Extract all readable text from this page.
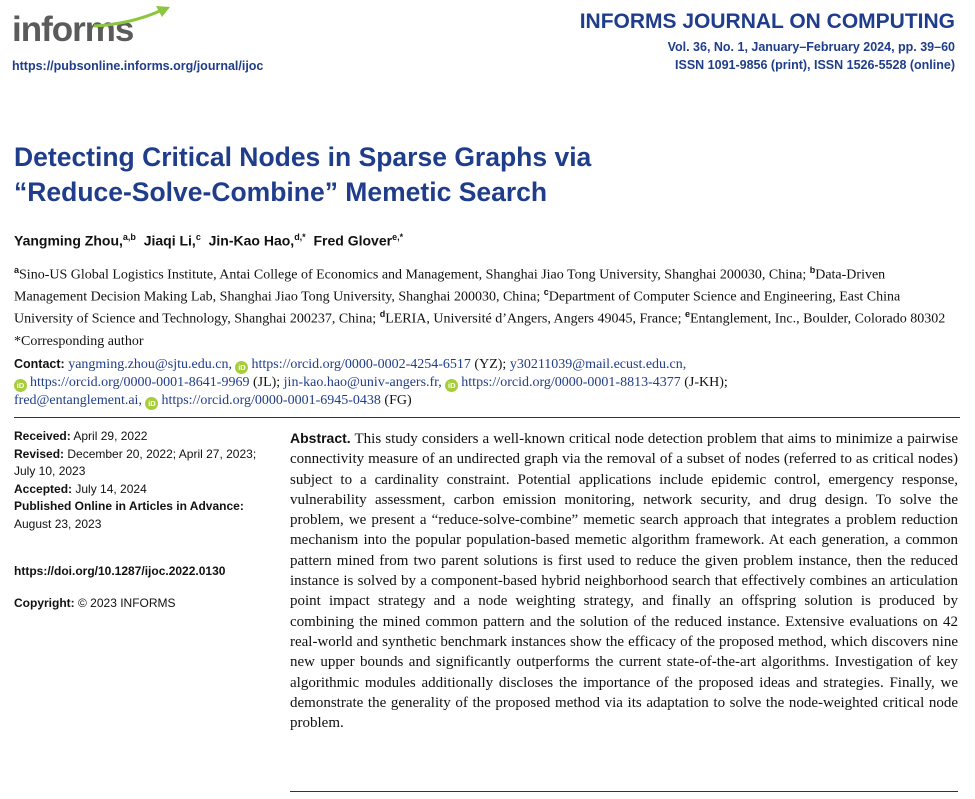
informs
https://pubsonline.informs.org/journal/ijoc
INFORMS JOURNAL ON COMPUTING
Vol. 36, No. 1, January–February 2024, pp. 39–60
ISSN 1091-9856 (print), ISSN 1526-5528 (online)
Detecting Critical Nodes in Sparse Graphs via
“Reduce-Solve-Combine” Memetic Search
Yangming Zhou,$^{a,b}$ Jiaqi Li,$^c$ Jin-Kao Hao,$^{d,*}$ Fred Glover$^{e,*}$
$^a$Sino-US Global Logistics Institute, Antai College of Economics and Management, Shanghai Jiao Tong University, Shanghai 200030, China; $^b$Data-Driven Management Decision Making Lab, Shanghai Jiao Tong University, Shanghai 200030, China; $^c$Department of Computer Science and Engineering, East China University of Science and Technology, Shanghai 200237, China; $^d$LERIA, Université d’Angers, Angers 49045, France; $^e$Entanglement, Inc., Boulder, Colorado 80302
*Corresponding author
Contact: yangming.zhou@sjtu.edu.cn, iD https://orcid.org/0000-0002-4254-6517 (YZ); y30211039@mail.ecust.edu.cn,
iD https://orcid.org/0000-0001-8641-9969 (JL); jin-kao.hao@univ-angers.fr, iD https://orcid.org/0000-0001-8813-4377 (J-KH);
fred@entanglement.ai, iD https://orcid.org/0000-0001-6945-0438 (FG)
Received: April 29, 2022
Revised: December 20, 2022; April 27, 2023; July 10, 2023
Accepted: July 14, 2024
Published Online in Articles in Advance:
August 23, 2023
https://doi.org/10.1287/ijoc.2022.0130
Copyright: © 2023 INFORMS
Abstract. This study considers a well-known critical node detection problem that aims to minimize a pairwise connectivity measure of an undirected graph via the removal of a subset of nodes (referred to as critical nodes) subject to a cardinality constraint. Potential applications include epidemic control, emergency response, vulnerability assessment, carbon emission monitoring, network security, and drug design. To solve the problem, we present a “reduce-solve-combine” memetic search approach that integrates a problem reduction mechanism into the popular population-based memetic algorithm framework. At each generation, a common pattern mined from two parent solutions is first used to reduce the given problem instance, then the reduced instance is solved by a component-based hybrid neighborhood search that effectively combines an articulation point impact strategy and a node weighting strategy, and finally an offspring solution is produced by combining the mined common pattern and the solution of the reduced instance. Extensive evaluations on 42 real-world and synthetic benchmark instances show the efficacy of the proposed method, which discovers nine new upper bounds and significantly outperforms the current state-of-the-art algorithms. Investigation of key algorithmic modules additionally discloses the importance of the proposed ideas and strategies. Finally, we demonstrate the generality of the proposed method via its adaptation to solve the node-weighted critical node problem.
